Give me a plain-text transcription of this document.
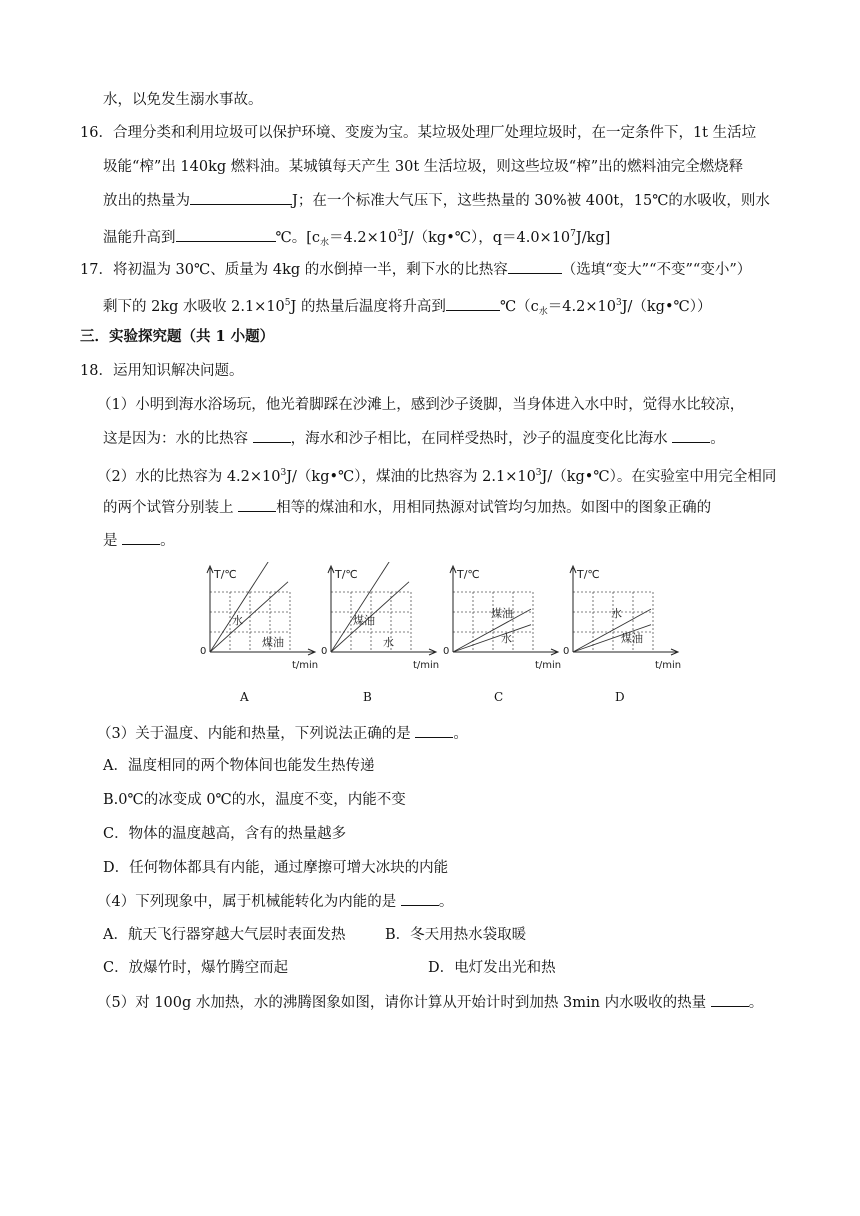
水，以免发生溺水事故。
16．合理分类和利用垃圾可以保护环境、变废为宝。某垃圾处理厂处理垃圾时，在一定条件下，1t 生活垃
圾能“榨”出 140kg 燃料油。某城镇每天产生 30t 生活垃圾，则这些垃圾“榨”出的燃料油完全燃烧释
放出的热量为	J；在一个标准大气压下，这些热量的 30%被 400t，15℃的水吸收，则水
温能升高到	℃。[$c_水=4.2\times 10^3J/(kg•℃)$，$q=4.0\times 10^7J/kg$]
17．将初温为 30℃、质量为 4kg 的水倒掉一半，剩下水的比热容	（选填“变大”“不变”“变小”）
剩下的 2kg 水吸收 $2.1\times 10^5J$ 的热量后温度将升高到	$℃(c_水=4.2\times 10^3J/(kg•℃))$
三．实验探究题（共 1 小题）
18．运用知识解决问题。
（1）小明到海水浴场玩，他光着脚踩在沙滩上，感到沙子烫脚，当身体进入水中时，觉得水比较凉，
这是因为：水的比热容	，海水和沙子相比，在同样受热时，沙子的温度变化比海水	。
（2）水的比热容为 $4.2\times 10^3J/(kg•℃)$，煤油的比热容为 $2.1\times 10^3J/(kg•℃)$。在实验室中用完全相同
的两个试管分别装上	相等的煤油和水，用相同热源对试管均匀加热。如图中的图象正确的
是	。
T/℃
t/min
0
水
煤油
T/℃
t/min
0
煤油
水
T/℃
t/min
0
煤油
水
T/℃
t/min
0
水
煤油
A	B	C	D
（3）关于温度、内能和热量，下列说法正确的是	。
A．温度相同的两个物体间也能发生热传递
B.0℃的冰变成 0℃的水，温度不变，内能不变
C．物体的温度越高，含有的热量越多
D．任何物体都具有内能，通过摩擦可增大冰块的内能
（4）下列现象中，属于机械能转化为内能的是	。
A．航天飞行器穿越大气层时表面发热	B．冬天用热水袋取暖
C．放爆竹时，爆竹腾空而起	D．电灯发出光和热
（5）对 100g 水加热，水的沸腾图象如图，请你计算从开始计时到加热 3min 内水吸收的热量	。
